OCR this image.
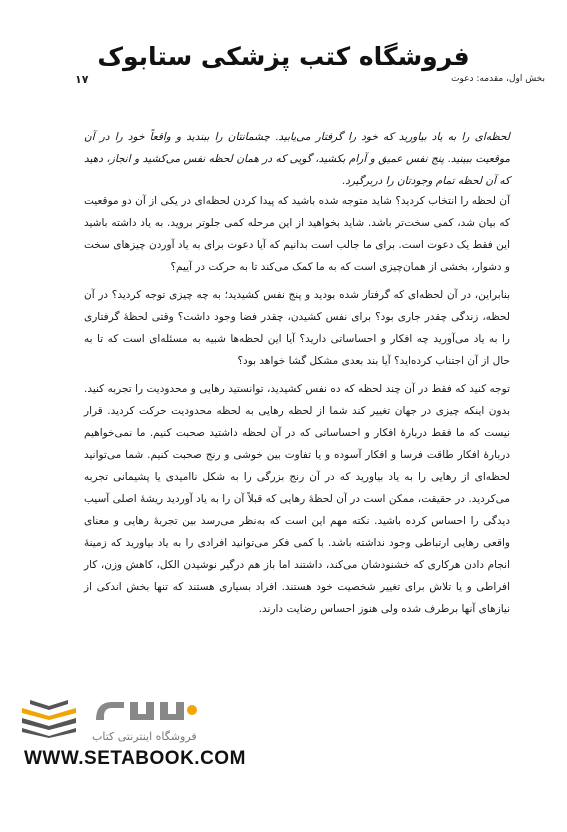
فروشگاه کتب پزشکی ستابوک
بخش اول، مقدمه: دعوت
۱۷
لحظه‌ای را به یاد بیاورید که خود را گرفتار می‌یابید. چشمانتان را ببندید و واقعاً خود را در آن موقعیت ببینید. پنج نفس عمیق و آرام بکشید، گویی که در همان لحظه نفس می‌کشید و انجاز، دهید که آن لحظه تمام وجودتان را دربرگیرد.

آن لحظه را انتخاب کردید؟ شاید متوجه شده باشید که پیدا کردن لحظه‌ای در یکی از آن دو موقعیت که بیان شد، کمی سخت‌تر باشد. شاید بخواهید از این مرحله کمی جلوتر بروید. به یاد داشته باشید این فقط یک دعوت است. برای ما جالب است بدانیم که آیا دعوت برای به یاد آوردن چیزهای سخت و دشوار، بخشی از همان‌چیزی است که به ما کمک می‌کند تا به حرکت در آییم؟

بنابراین، در آن لحظه‌ای که گرفتار شده بودید و پنج نفس کشیدید؛ به چه چیزی توجه کردید؟ در آن لحظه، زندگی چقدر جاری بود؟ برای نفس کشیدن، چقدر فضا وجود داشت؟ وقتی لحظهٔ گرفتاری را به یاد می‌آورید چه افکار و احساساتی دارید؟ آیا این لحظه‌ها شبیه به مسئله‌ای است که تا به حال از آن اجتناب کرده‌اید؟ آیا بند بعدی مشکل گشا خواهد بود؟

توجه کنید که فقط در آن چند لحظه که ده نفس کشیدید، توانستید رهایی و محدودیت را تجربه کنید. بدون اینکه چیزی در جهان تغییر کند شما از لحظه رهایی به لحظه محدودیت حرکت کردید. قرار نیست که ما فقط دربارهٔ افکار و احساساتی که در آن لحظه داشتید صحبت کنیم. ما نمی‌خواهیم دربارهٔ افکار طاقت فرسا و افکار آسوده و یا تفاوت بین خوشی و رنج صحبت کنیم. شما می‌توانید لحظه‌ای از رهایی را به یاد بیاورید که در آن رنج بزرگی را به شکل ناامیدی یا پشیمانی تجربه می‌کردید. در حقیقت، ممکن است در آن لحظهٔ رهایی که قبلاً آن را به یاد آوردید ریشهٔ اصلی آسیب دیدگی را احساس کرده باشید. نکته مهم این است که به‌نظر می‌رسد بین تجربهٔ رهایی و معنای واقعی رهایی ارتباطی وجود نداشته باشد. با کمی فکر می‌توانید افرادی را به یاد بیاورید که زمینهٔ انجام دادن هرکاری که خشنودشان می‌کند، داشتند اما باز هم درگیر نوشیدن الکل، کاهش وزن، کار افراطی و یا تلاش برای تغییر شخصیت خود هستند. افراد بسیاری هستند که تنها بخش اندکی از نیازهای آنها برطرف شده ولی هنوز احساس رضایت دارند.

فروشگاه اینترنتی کتاب
WWW.SETABOOK.COM
